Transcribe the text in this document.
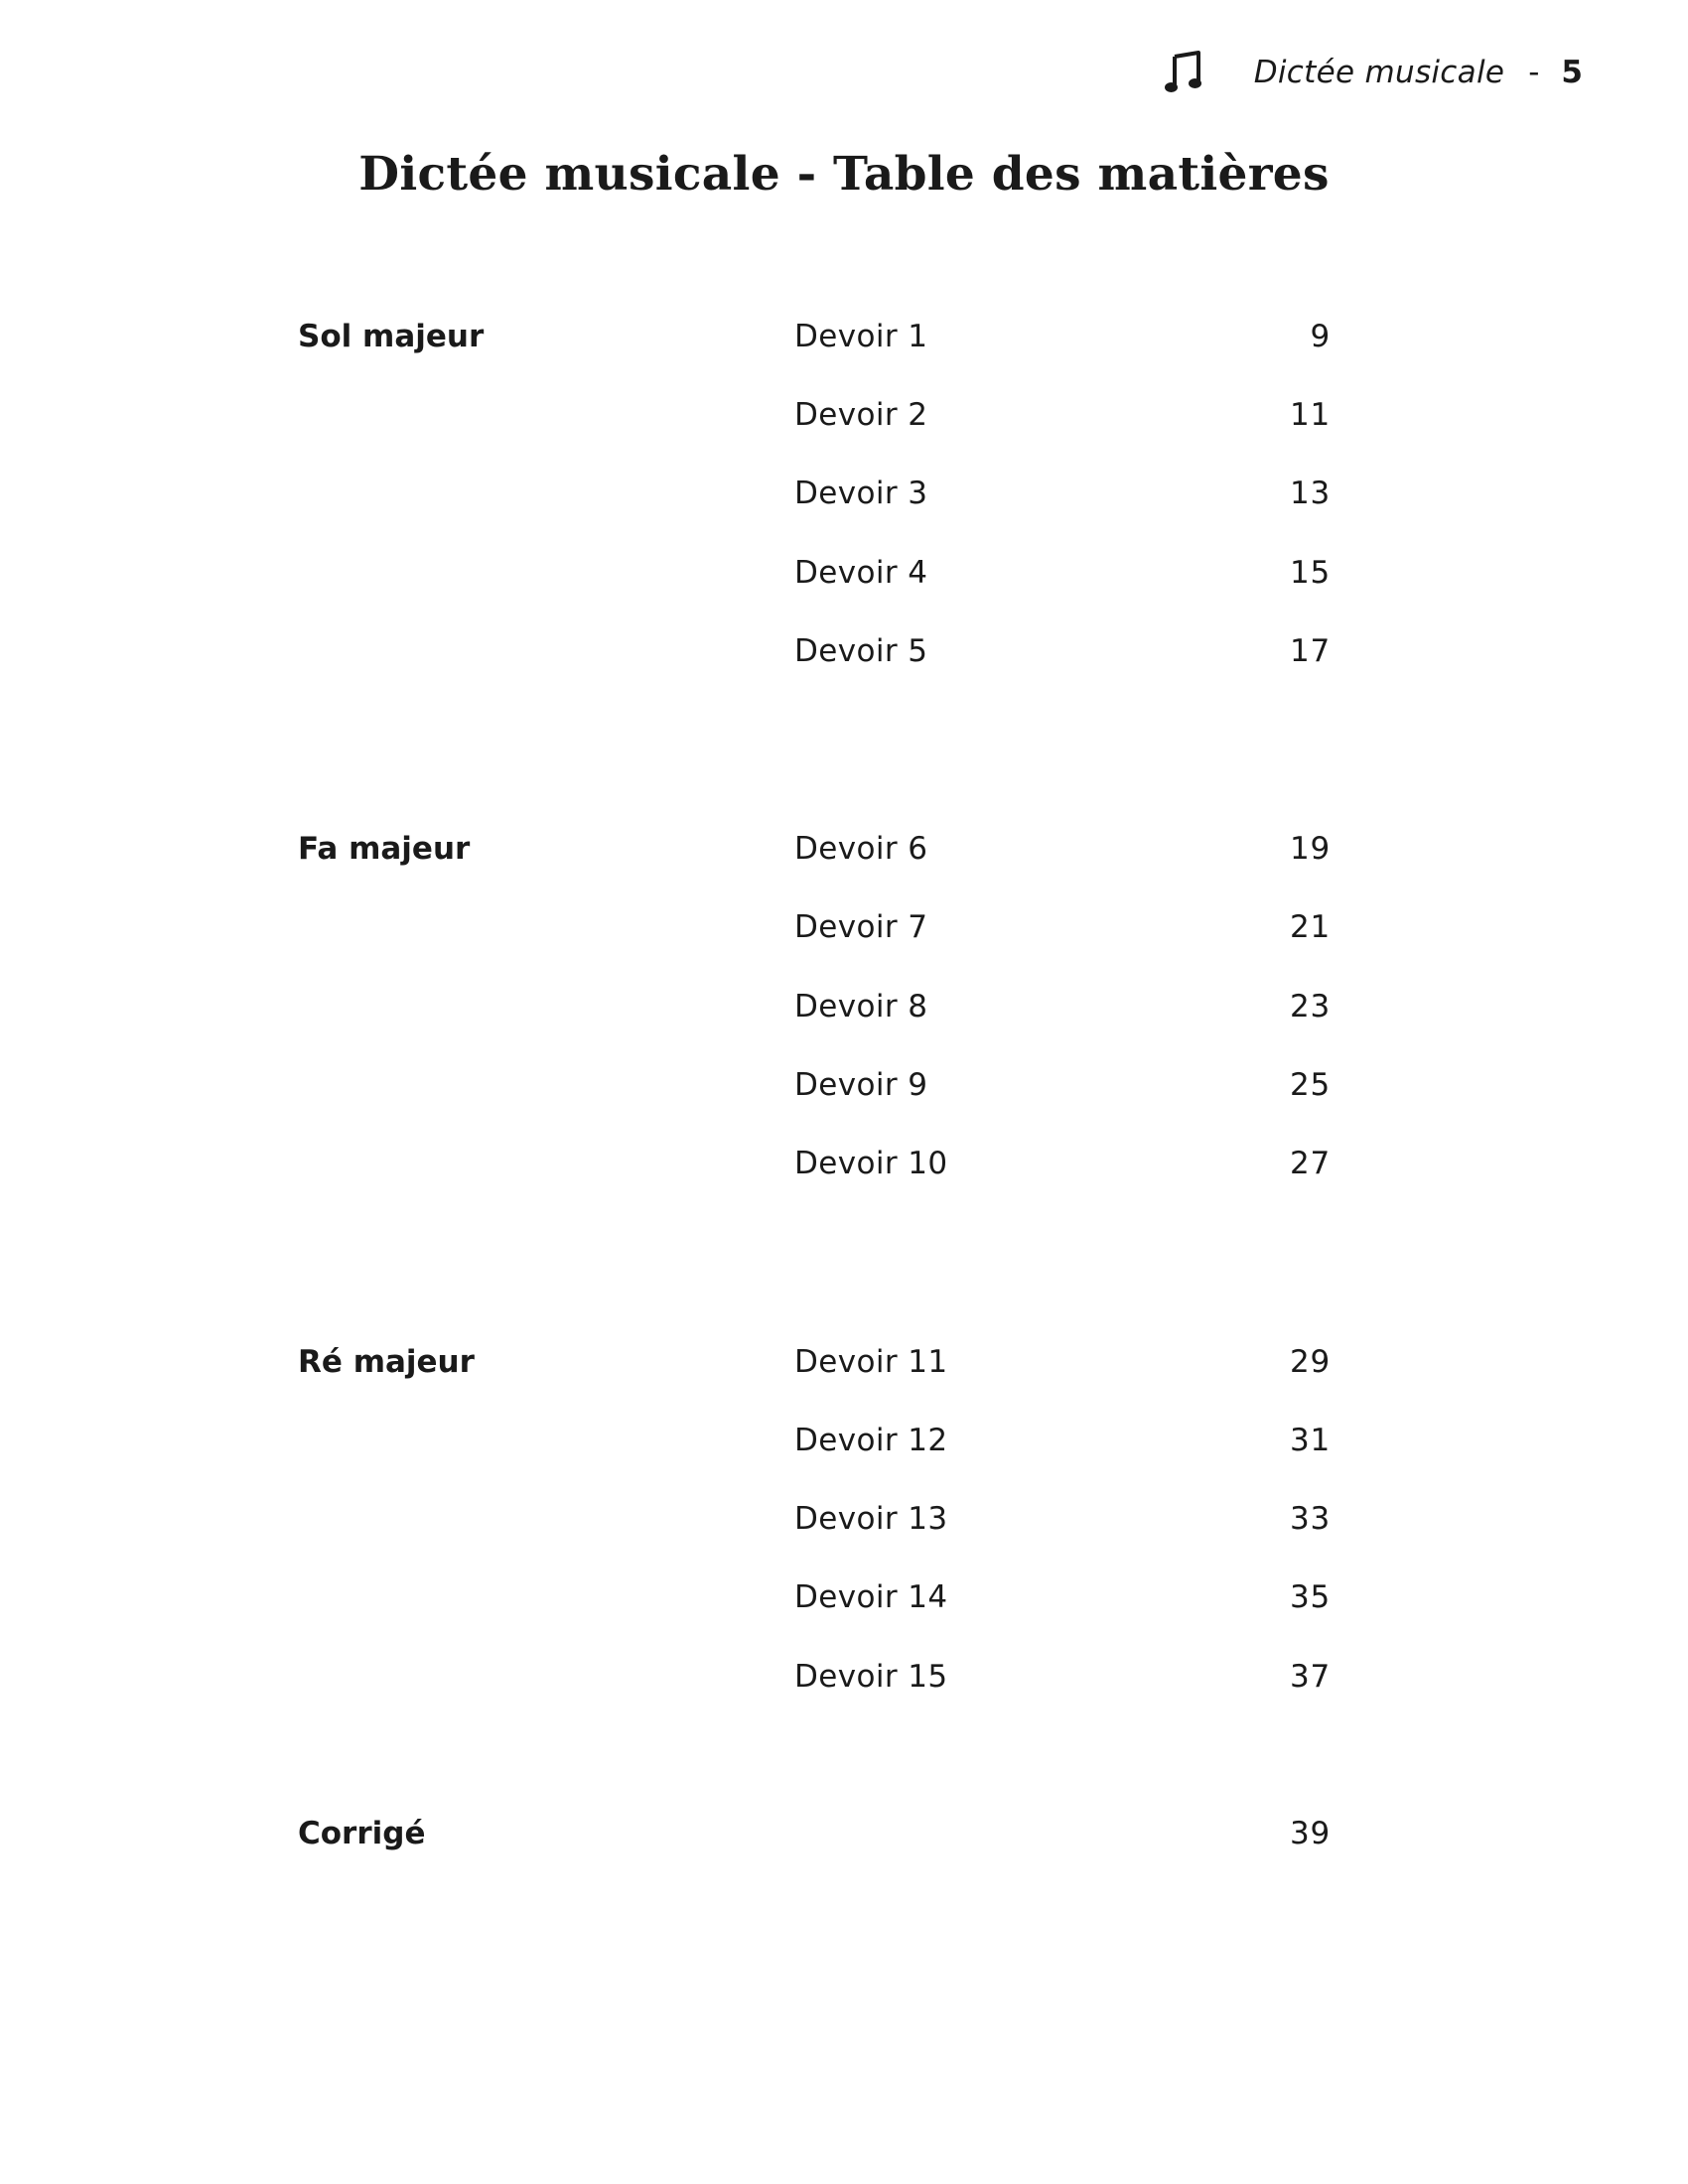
Dictée musicale - 5
Dictée musicale - Table des matières
Sol majeur	Devoir 1	9
Devoir 2	11
Devoir 3	13
Devoir 4	15
Devoir 5	17
Fa majeur	Devoir 6	19
Devoir 7	21
Devoir 8	23
Devoir 9	25
Devoir 10	27
Ré majeur	Devoir 11	29
Devoir 12	31
Devoir 13	33
Devoir 14	35
Devoir 15	37
Corrigé	39
